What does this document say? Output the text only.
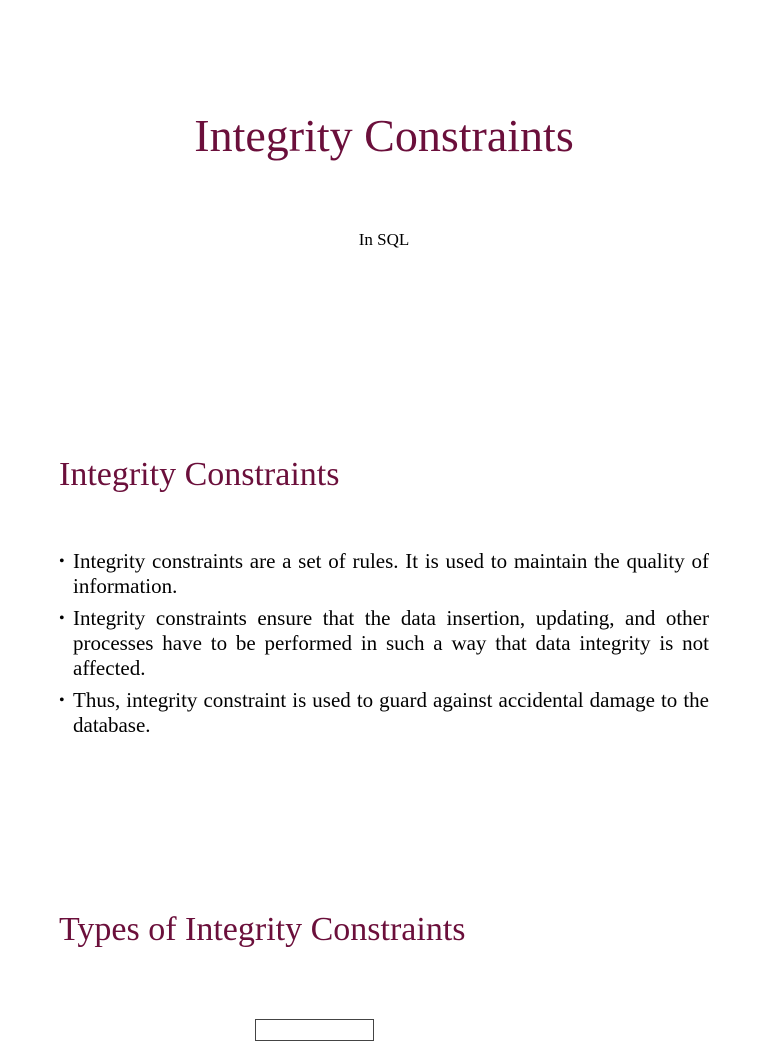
Integrity Constraints

In SQL

Integrity Constraints
• Integrity constraints are a set of rules. It is used to maintain the quality of information.
• Integrity constraints ensure that the data insertion, updating, and other processes have to be performed in such a way that data integrity is not affected.
• Thus, integrity constraint is used to guard against accidental damage to the database.
Types of Integrity Constraints
